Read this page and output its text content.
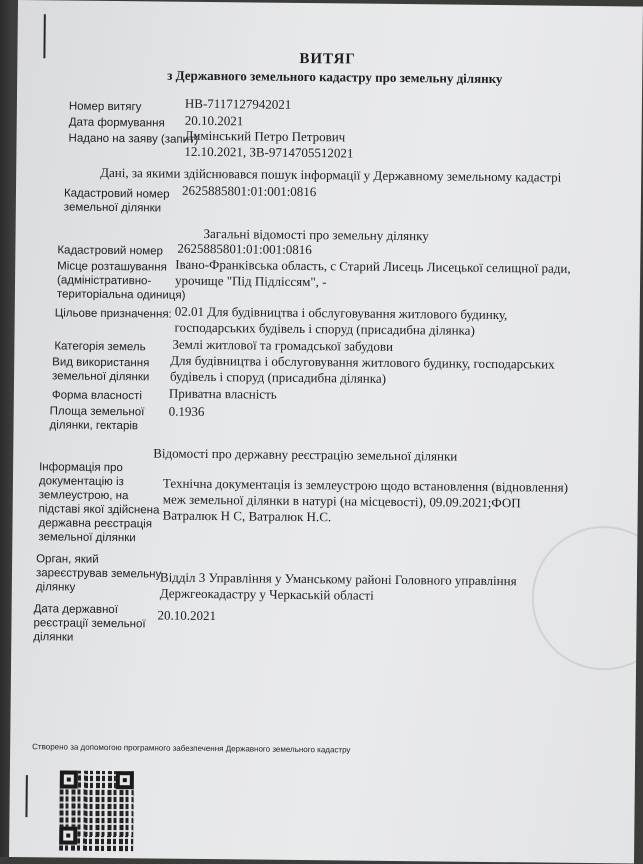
ВИТЯГ
з Державного земельного кадастру про земельну ділянку
Номер витягу	НВ-7117127942021
Дата формування 20.10.2021
Надано на заяву (запит)
Димінський Петро Петрович
12.10.2021, ЗВ-9714705512021
Дані, за якими здійснювався пошук інформації у Державному земельному кадастрі
Кадастровий номер
земельної ділянки
2625885801:01:001:0816
Загальні відомості про земельну ділянку
Кадастровий номер 2625885801:01:001:0816
Місце розташування
(адміністративно-
територіальна одиниця)
Івано-Франківська область, с Старий Лисець Лисецької селищної ради,
урочище "Під Підліссям", -
Цільове призначення: 02.01 Для будівництва і обслуговування житлового будинку,
господарських будівель і споруд (присадибна ділянка)
Категорія земель Землі житлової та громадської забудови
Вид використання
земельної ділянки
Для будівництва і обслуговування житлового будинку, господарських
будівель і споруд (присадибна ділянка)
Форма власності Приватна власність
Площа земельної
ділянки, гектарів
0.1936
Відомості про державну реєстрацію земельної ділянки
Інформація про
документацію із
землеустрою, на
підставі якої здійснена
державна реєстрація
земельної ділянки
Технічна документація із землеустрою щодо встановлення (відновлення)
меж земельної ділянки в натурі (на місцевості), 09.09.2021;ФОП
Ватралюк Н С, Ватралюк Н.С.
Орган, який
зареєстрував земельну
ділянку	Відділ 3 Управління у Уманському районі Головного управління
Держгеокадастру у Черкаській області
Дата державної
реєстрації земельної
ділянки
20.10.2021
Створено за допомогою програмного забезпечення Державного земельного кадастру
